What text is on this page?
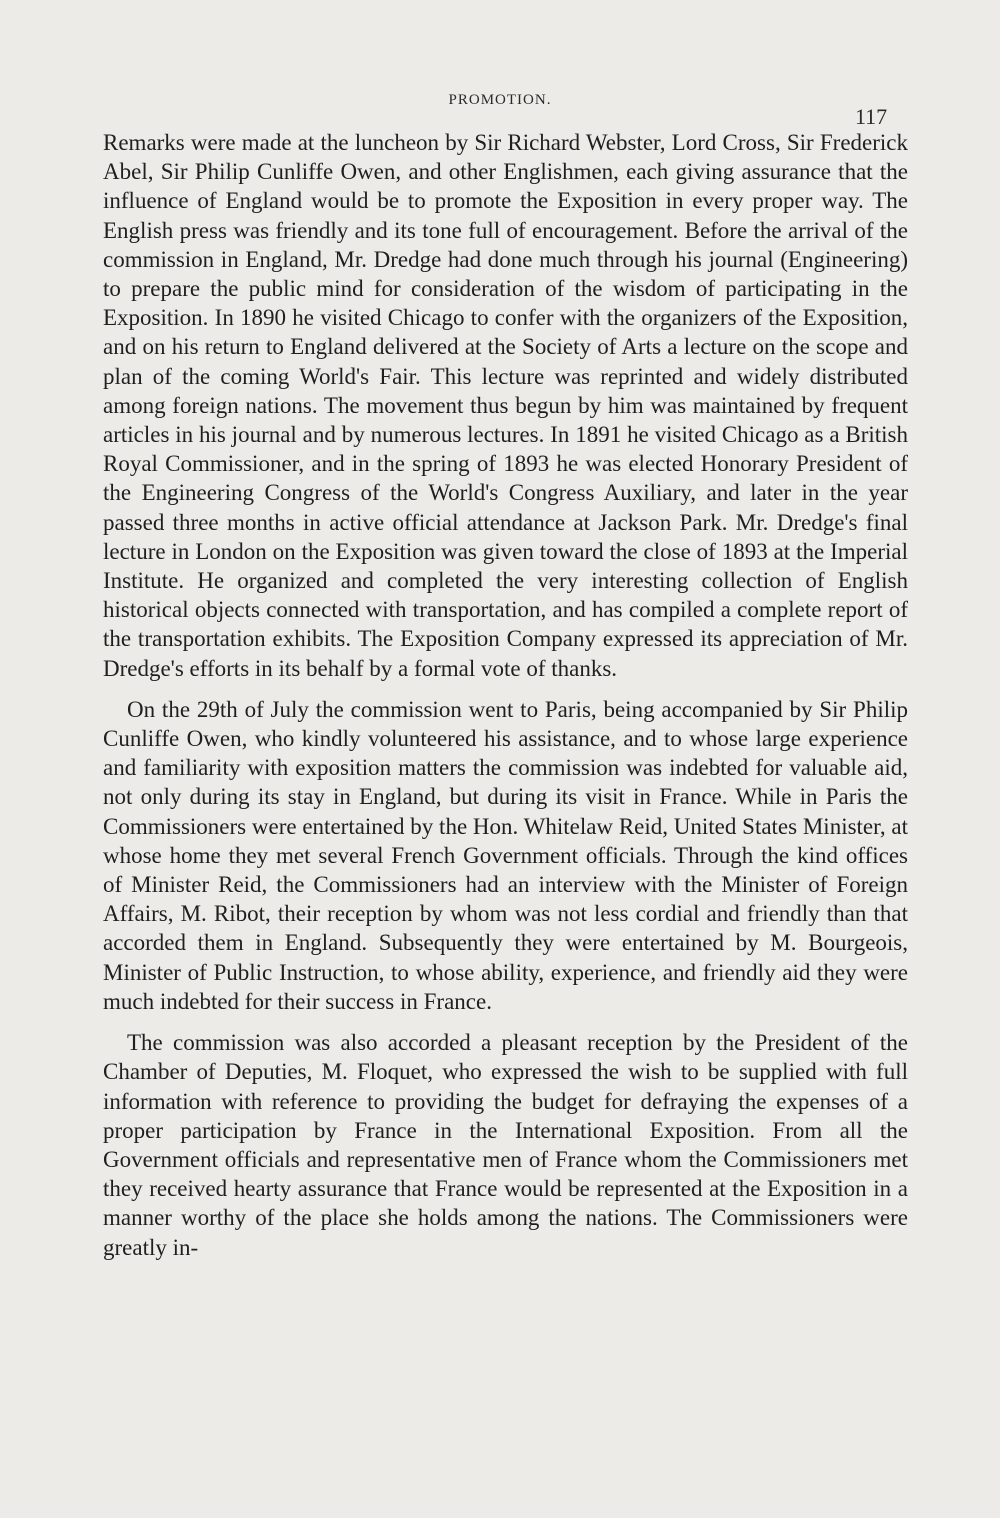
PROMOTION.
117

Remarks were made at the luncheon by Sir Richard Webster, Lord Cross, Sir Frederick Abel, Sir Philip Cunliffe Owen, and other Englishmen, each giving assurance that the influence of England would be to promote the Exposition in every proper way. The English press was friendly and its tone full of encouragement. Before the arrival of the commission in England, Mr. Dredge had done much through his journal (Engineering) to prepare the public mind for consideration of the wisdom of participating in the Exposition. In 1890 he visited Chicago to confer with the organizers of the Exposition, and on his return to England delivered at the Society of Arts a lecture on the scope and plan of the coming World's Fair. This lecture was reprinted and widely distributed among foreign nations. The movement thus begun by him was maintained by frequent articles in his journal and by numerous lectures. In 1891 he visited Chicago as a British Royal Commissioner, and in the spring of 1893 he was elected Honorary President of the Engineering Congress of the World's Congress Auxiliary, and later in the year passed three months in active official attendance at Jackson Park. Mr. Dredge's final lecture in London on the Exposition was given toward the close of 1893 at the Imperial Institute. He organized and completed the very interesting collection of English historical objects connected with transportation, and has compiled a complete report of the transportation exhibits. The Exposition Company expressed its appreciation of Mr. Dredge's efforts in its behalf by a formal vote of thanks.

On the 29th of July the commission went to Paris, being accompanied by Sir Philip Cunliffe Owen, who kindly volunteered his assistance, and to whose large experience and familiarity with exposition matters the commission was indebted for valuable aid, not only during its stay in England, but during its visit in France. While in Paris the Commissioners were entertained by the Hon. Whitelaw Reid, United States Minister, at whose home they met several French Government officials. Through the kind offices of Minister Reid, the Commissioners had an interview with the Minister of Foreign Affairs, M. Ribot, their reception by whom was not less cordial and friendly than that accorded them in England. Subsequently they were entertained by M. Bourgeois, Minister of Public Instruction, to whose ability, experience, and friendly aid they were much indebted for their success in France.

The commission was also accorded a pleasant reception by the President of the Chamber of Deputies, M. Floquet, who expressed the wish to be supplied with full information with reference to providing the budget for defraying the expenses of a proper participation by France in the International Exposition. From all the Government officials and representative men of France whom the Commissioners met they received hearty assurance that France would be represented at the Exposition in a manner worthy of the place she holds among the nations. The Commissioners were greatly in-
